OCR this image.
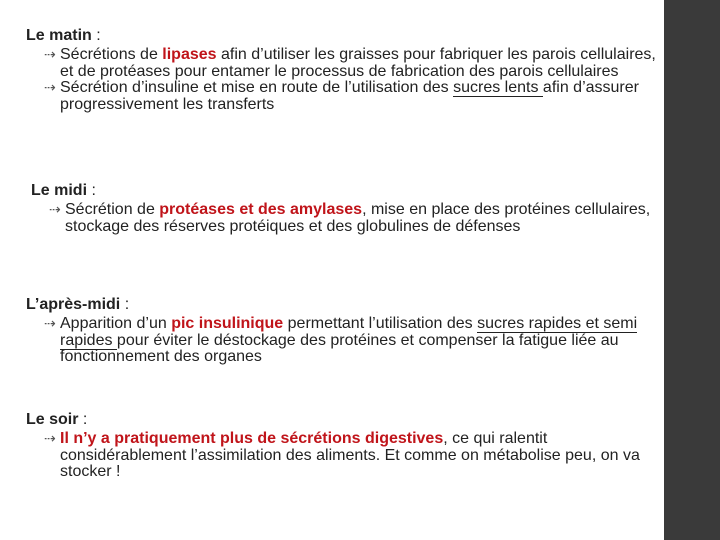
Le matin :

⇢ Sécrétions de lipases afin d’utiliser les graisses pour fabriquer les parois cellulaires, et de protéases pour entamer le processus de fabrication des parois cellulaires

⇢ Sécrétion d’insuline et mise en route de l’utilisation des sucres lents afin d’assurer progressivement les transferts

Le midi :

⇢ Sécrétion de protéases et des amylases, mise en place des protéines cellulaires, stockage des réserves protéiques et des globulines de défenses

L’après-midi :

⇢ Apparition d’un pic insulinique permettant l’utilisation des sucres rapides et semi rapides pour éviter le déstockage des protéines et compenser la fatigue liée au fonctionnement des organes

Le soir :

⇢ Il n’y a pratiquement plus de sécrétions digestives, ce qui ralentit considérablement l’assimilation des aliments. Et comme on métabolise peu, on va stocker !
